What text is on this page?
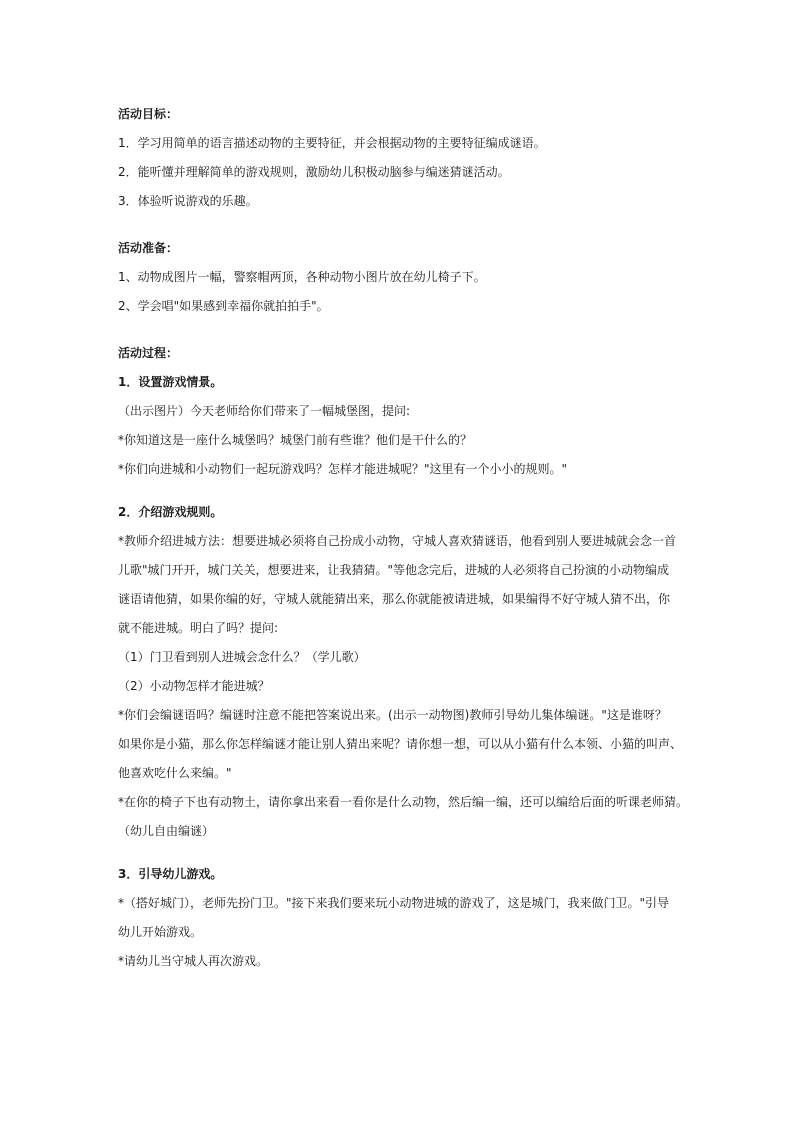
活动目标：

1．学习用简单的语言描述动物的主要特征，并会根据动物的主要特征编成谜语。

2．能听懂并理解简单的游戏规则，激励幼儿积极动脑参与编迷猜谜活动。

3．体验听说游戏的乐趣。

活动准备：

1、动物成图片一幅，警察帽两顶，各种动物小图片放在幼儿椅子下。

2、学会唱"如果感到幸福你就拍拍手"。

活动过程：

1．设置游戏情景。

（出示图片）今天老师给你们带来了一幅城堡图，提问:

*你知道这是一座什么城堡吗？城堡门前有些谁？他们是干什么的？

*你们向进城和小动物们一起玩游戏吗？怎样才能进城呢？"这里有一个小小的规则。"

2．介绍游戏规则。

*教师介绍进城方法：想要进城必须将自己扮成小动物，守城人喜欢猜谜语，他看到别人要进城就会念一首

儿歌"城门开开，城门关关，想要进来，让我猜猜。"等他念完后，进城的人必须将自己扮演的小动物编成

谜语请他猜，如果你编的好，守城人就能猜出来，那么你就能被请进城，如果编得不好守城人猜不出，你

就不能进城。明白了吗？提问:

（1）门卫看到别人进城会念什么？（学儿歌）

（2）小动物怎样才能进城？

*你们会编谜语吗？编谜时注意不能把答案说出来。(出示一动物图)教师引导幼儿集体编谜。"这是谁呀？

如果你是小猫，那么你怎样编谜才能让别人猜出来呢？请你想一想，可以从小猫有什么本领、小猫的叫声、

他喜欢吃什么来编。"

*在你的椅子下也有动物土，请你拿出来看一看你是什么动物，然后编一编，还可以编给后面的听课老师猜。

（幼儿自由编谜）

3．引导幼儿游戏。

*（搭好城门），老师先扮门卫。"接下来我们要来玩小动物进城的游戏了，这是城门，我来做门卫。"引导

幼儿开始游戏。

*请幼儿当守城人再次游戏。
